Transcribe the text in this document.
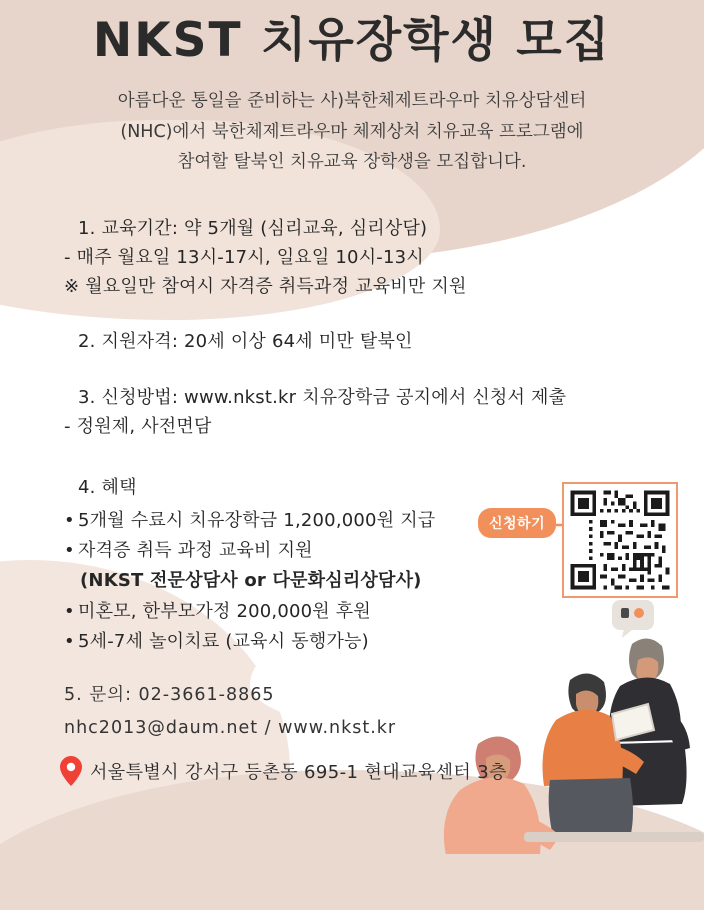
NKST 치유장학생 모집
아름다운 통일을 준비하는 사)북한체제트라우마 치유상담센터
(NHC)에서 북한체제트라우마 체제상처 치유교육 프로그램에
참여할 탈북인 치유교육 장학생을 모집합니다.
1. 교육기간: 약 5개월 (심리교육, 심리상담)
- 매주 월요일 13시-17시, 일요일 10시-13시
※ 월요일만 참여시 자격증 취득과정 교육비만 지원
2. 지원자격: 20세 이상 64세 미만 탈북인
3. 신청방법: www.nkst.kr 치유장학금 공지에서 신청서 제출
- 정원제, 사전면담
4. 혜택
• 5개월 수료시 치유장학금 1,200,000원 지급
• 자격증 취득 과정 교육비 지원
(NKST 전문상담사 or 다문화심리상담사)
• 미혼모, 한부모가정 200,000원 후원
• 5세-7세 놀이치료 (교육시 동행가능)
신청하기
5. 문의: 02-3661-8865
nhc2013@daum.net / www.nkst.kr
서울특별시 강서구 등촌동 695-1 현대교육센터 3층
